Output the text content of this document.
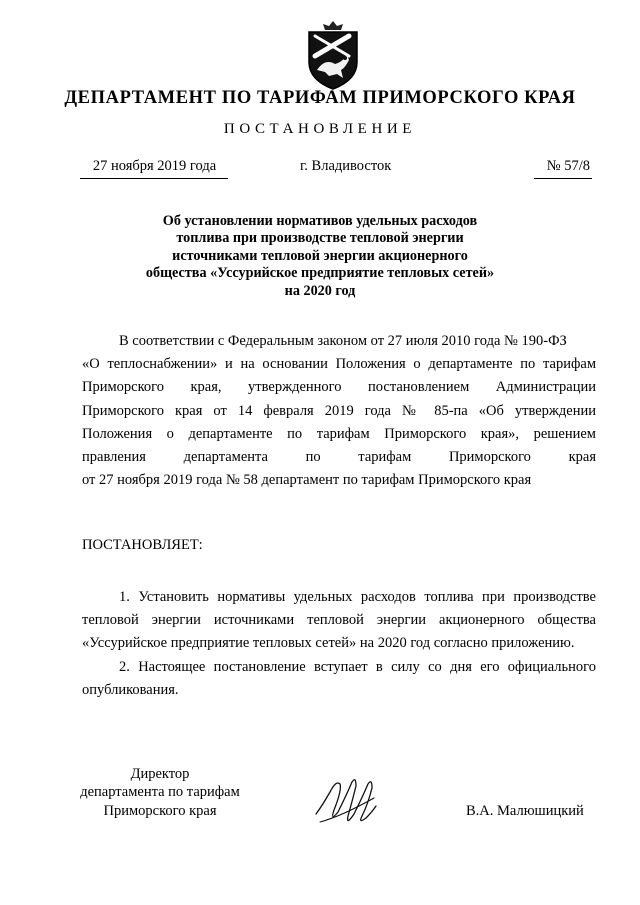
ДЕПАРТАМЕНТ ПО ТАРИФАМ ПРИМОРСКОГО КРАЯ
ПОСТАНОВЛЕНИЕ
27 ноября 2019 года	г. Владивосток	№ 57/8
Об установлении нормативов удельных расходов
топлива при производстве тепловой энергии
источниками тепловой энергии акционерного
общества «Уссурийское предприятие тепловых сетей»
на 2020 год
В соответствии с Федеральным законом от 27 июля 2010 года № 190-ФЗ
«О теплоснабжении» и на основании Положения о департаменте по тарифам
Приморского края, утвержденного постановлением Администрации
Приморского края от 14 февраля 2019 года № 85-па «Об утверждении
Положения о департаменте по тарифам Приморского края», решением
правления департамента по тарифам Приморского края
от 27 ноября 2019 года № 58 департамент по тарифам Приморского края
ПОСТАНОВЛЯЕТ:
1. Установить нормативы удельных расходов топлива при производстве
тепловой энергии источниками тепловой энергии акционерного общества
«Уссурийское предприятие тепловых сетей» на 2020 год согласно приложению.
2. Настоящее постановление вступает в силу со дня его официального
опубликования.
Директор
департамента по тарифам
Приморского края	В.А. Малюшицкий
